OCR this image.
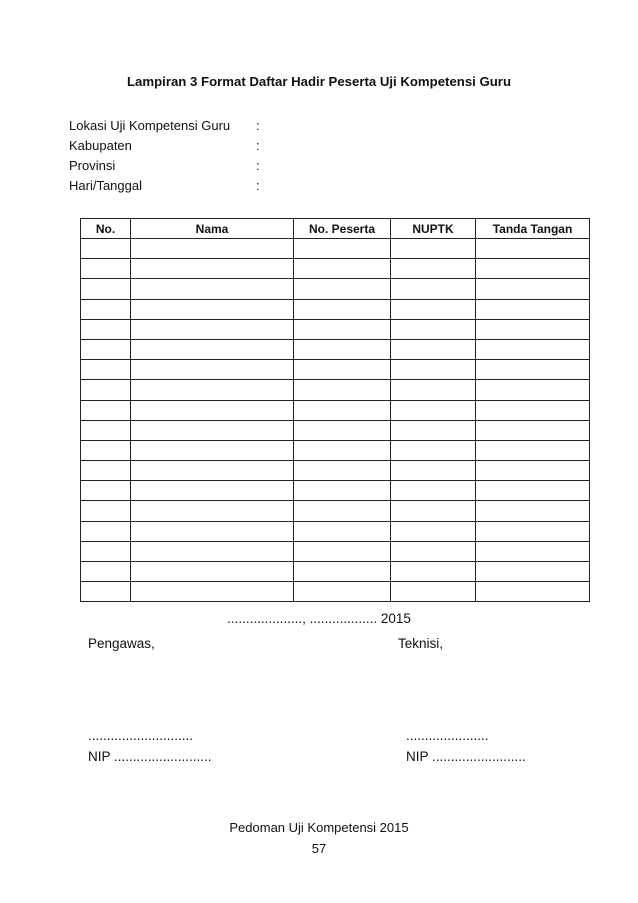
Lampiran 3 Format Daftar Hadir Peserta Uji Kompetensi Guru
Lokasi Uji Kompetensi Guru :
Kabupaten	:
Provinsi	:
Hari/Tanggal	:
No.	Nama	No. Peserta	NUPTK	Tanda Tangan

...................., .................. 2015
Pengawas,	Teknisi,
............................	......................
NIP ..........................	NIP .........................
Pedoman Uji Kompetensi 2015
57
